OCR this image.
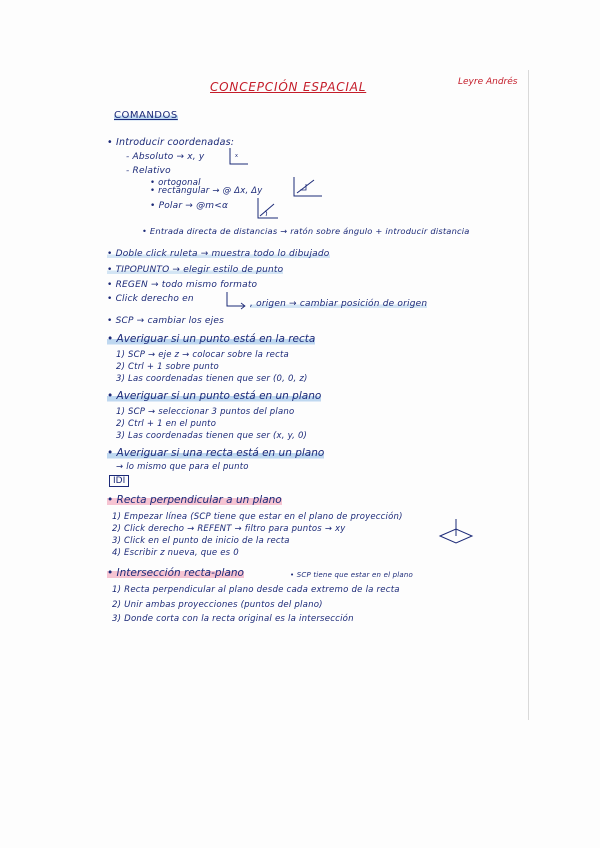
CONCEPCIÓN ESPACIAL	Leyre Andrés
COMANDOS
• Introducir coordenadas:
- Absoluto → x, y	x
- Relativo
• ortogonal
• rectangular → @ Δx, Δy
• Polar → @m<α
• Entrada directa de distancias → ratón sobre ángulo + introducir distancia
• Doble click ruleta → muestra todo lo dibujado
• TIPOPUNTO → elegir estilo de punto
• REGEN → todo mismo formato
• Click derecho en	, origen → cambiar posición de origen
• SCP → cambiar los ejes
• Averiguar si un punto está en la recta
1) SCP → eje z → colocar sobre la recta
2) Ctrl + 1 sobre punto
3) Las coordenadas tienen que ser (0, 0, z)
• Averiguar si un punto está en un plano
1) SCP → seleccionar 3 puntos del plano
2) Ctrl + 1 en el punto
3) Las coordenadas tienen que ser (x, y, 0)
• Averiguar si una recta está en un plano
→ lo mismo que para el punto
IDI
• Recta perpendicular a un plano
1) Empezar línea (SCP tiene que estar en el plano de proyección)
2) Click derecho → REFENT → filtro para puntos → xy
3) Click en el punto de inicio de la recta
4) Escribir z nueva, que es 0
• Intersección recta-plano	• SCP tiene que estar en el plano
1) Recta perpendicular al plano desde cada extremo de la recta
2) Unir ambas proyecciones (puntos del plano)
3) Donde corta con la recta original es la intersección
